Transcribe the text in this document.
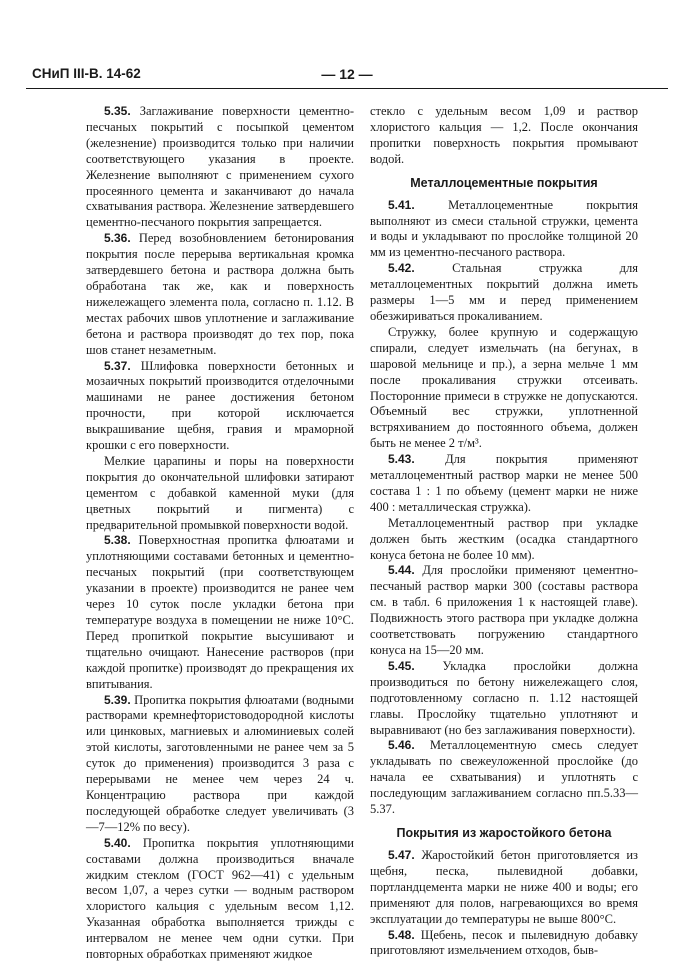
СНиП III-В. 14-62	— 12 —

5.35. Заглаживание поверхности цементно-песчаных покрытий с посыпкой цементом (железнение) производится только при наличии соответствующего указания в проекте. Железнение выполняют с применением сухого просеянного цемента и заканчивают до начала схватывания раствора. Железнение затвердевшего цементно-песчаного покрытия запрещается.

5.36. Перед возобновлением бетонирования покрытия после перерыва вертикальная кромка затвердевшего бетона и раствора должна быть обработана так же, как и поверхность нижележащего элемента пола, согласно п. 1.12. В местах рабочих швов уплотнение и заглаживание бетона и раствора производят до тех пор, пока шов станет незаметным.

5.37. Шлифовка поверхности бетонных и мозаичных покрытий производится отделочными машинами не ранее достижения бетоном прочности, при которой исключается выкрашивание щебня, гравия и мраморной крошки с его поверхности.

Мелкие царапины и поры на поверхности покрытия до окончательной шлифовки затирают цементом с добавкой каменной муки (для цветных покрытий и пигмента) с предварительной промывкой поверхности водой.

5.38. Поверхностная пропитка флюатами и уплотняющими составами бетонных и цементно-песчаных покрытий (при соответствующем указании в проекте) производится не ранее чем через 10 суток после укладки бетона при температуре воздуха в помещении не ниже 10°С. Перед пропиткой покрытие высушивают и тщательно очищают. Нанесение растворов (при каждой пропитке) производят до прекращения их впитывания.

5.39. Пропитка покрытия флюатами (водными растворами кремнефтористоводородной кислоты или цинковых, магниевых и алюминиевых солей этой кислоты, заготовленными не ранее чем за 5 суток до применения) производится 3 раза с перерывами не менее чем через 24 ч. Концентрацию раствора при каждой последующей обработке следует увеличивать (3—7—12% по весу).

5.40. Пропитка покрытия уплотняющими составами должна производиться вначале жидким стеклом (ГОСТ 962—41) с удельным весом 1,07, а через сутки — водным раствором хлористого кальция с удельным весом 1,12. Указанная обработка выполняется трижды с интервалом не менее чем одни сутки. При повторных обработках применяют жидкое

стекло с удельным весом 1,09 и раствор хлористого кальция — 1,2. После окончания пропитки поверхность покрытия промывают водой.

Металлоцементные покрытия

5.41.	Металлоцементные покрытия выполняют из смеси стальной стружки, цемента и воды и укладывают по прослойке толщиной 20 мм из цементно-песчаного раствора.

5.42.	Стальная стружка для металлоцементных покрытий должна иметь размеры 1—5 мм и перед применением обезжириваться прокаливанием.

Стружку, более крупную и содержащую спирали, следует измельчать (на бегунах, в шаровой мельнице и пр.), а зерна мельче 1 мм после прокаливания стружки отсеивать. Посторонние примеси в стружке не допускаются. Объемный вес стружки, уплотненной встряхиванием до постоянного объема, должен быть не менее 2 т/м³.

5.43. Для покрытия применяют металлоцементный раствор марки не менее 500 состава 1 : 1 по объему (цемент марки не ниже 400 : металлическая стружка).

Металлоцементный раствор при укладке должен быть жестким (осадка стандартного конуса бетона не более 10 мм).

5.44. Для прослойки применяют цементно-песчаный раствор марки 300 (составы раствора см. в табл. 6 приложения 1 к настоящей главе). Подвижность этого раствора при укладке должна соответствовать погружению стандартного конуса на 15—20 мм.

5.45. Укладка прослойки должна производиться по бетону нижележащего слоя, подготовленному согласно п. 1.12 настоящей главы. Прослойку тщательно уплотняют и выравнивают (но без заглаживания поверхности).

5.46. Металлоцементную смесь следует укладывать по свежеуложенной прослойке (до начала ее схватывания) и уплотнять с последующим заглаживанием согласно пп.5.33—5.37.

Покрытия из жаростойкого бетона

5.47. Жаростойкий бетон приготовляется из щебня, песка, пылевидной добавки, портландцемента марки не ниже 400 и воды; его применяют для полов, нагревающихся во время эксплуатации до температуры не выше 800°С.

5.48. Щебень, песок и пылевидную добавку приготовляют измельчением отходов, быв-
